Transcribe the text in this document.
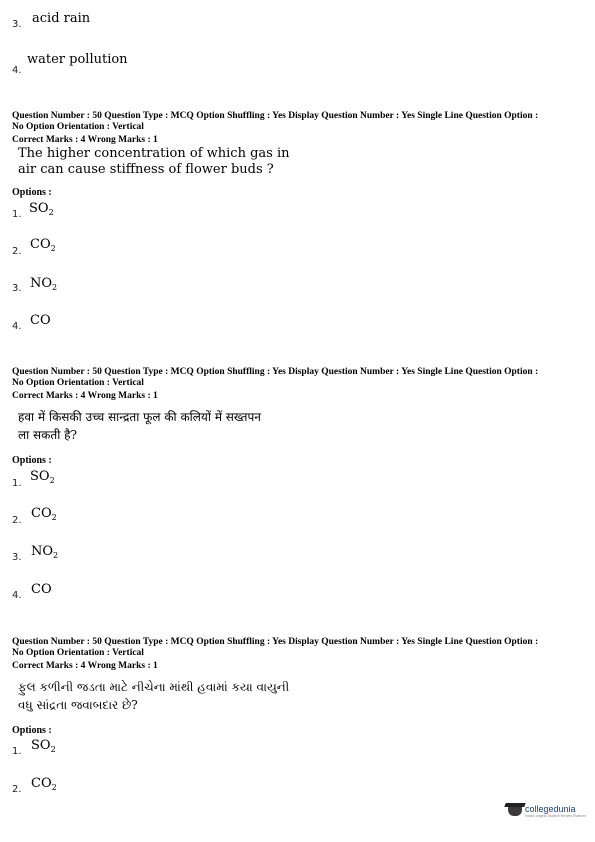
3. acid rain
4.
water pollution
Question Number : 50 Question Type : MCQ Option Shuffling : Yes Display Question Number : Yes Single Line Question Option :
No Option Orientation : Vertical
Correct Marks : 4 Wrong Marks : 1
The higher concentration of which gas in
air can cause stiffness of flower buds ?
Options :
1. $SO_2$
2. $CO_2$
3. $NO_2$
4. CO
Question Number : 50 Question Type : MCQ Option Shuffling : Yes Display Question Number : Yes Single Line Question Option :
No Option Orientation : Vertical
Correct Marks : 4 Wrong Marks : 1
हवा में किसकी उच्च सान्द्रता फूल की कलियों में सख्तपन
ला सकती है?
Options :
1. $SO_2$
2. $CO_2$
3. $NO_2$
4. CO
Question Number : 50 Question Type : MCQ Option Shuffling : Yes Display Question Number : Yes Single Line Question Option :
No Option Orientation : Vertical
Correct Marks : 4 Wrong Marks : 1
ફુલ કળીની જડતા માટે નીચેના માંથી હવામાં કયા વાયુની
વધુ સાંદ્રતા જવાબદાર છે?
Options :
1. $SO_2$
2. $CO_2$
collegedunia
India's largest Student Review Platform
